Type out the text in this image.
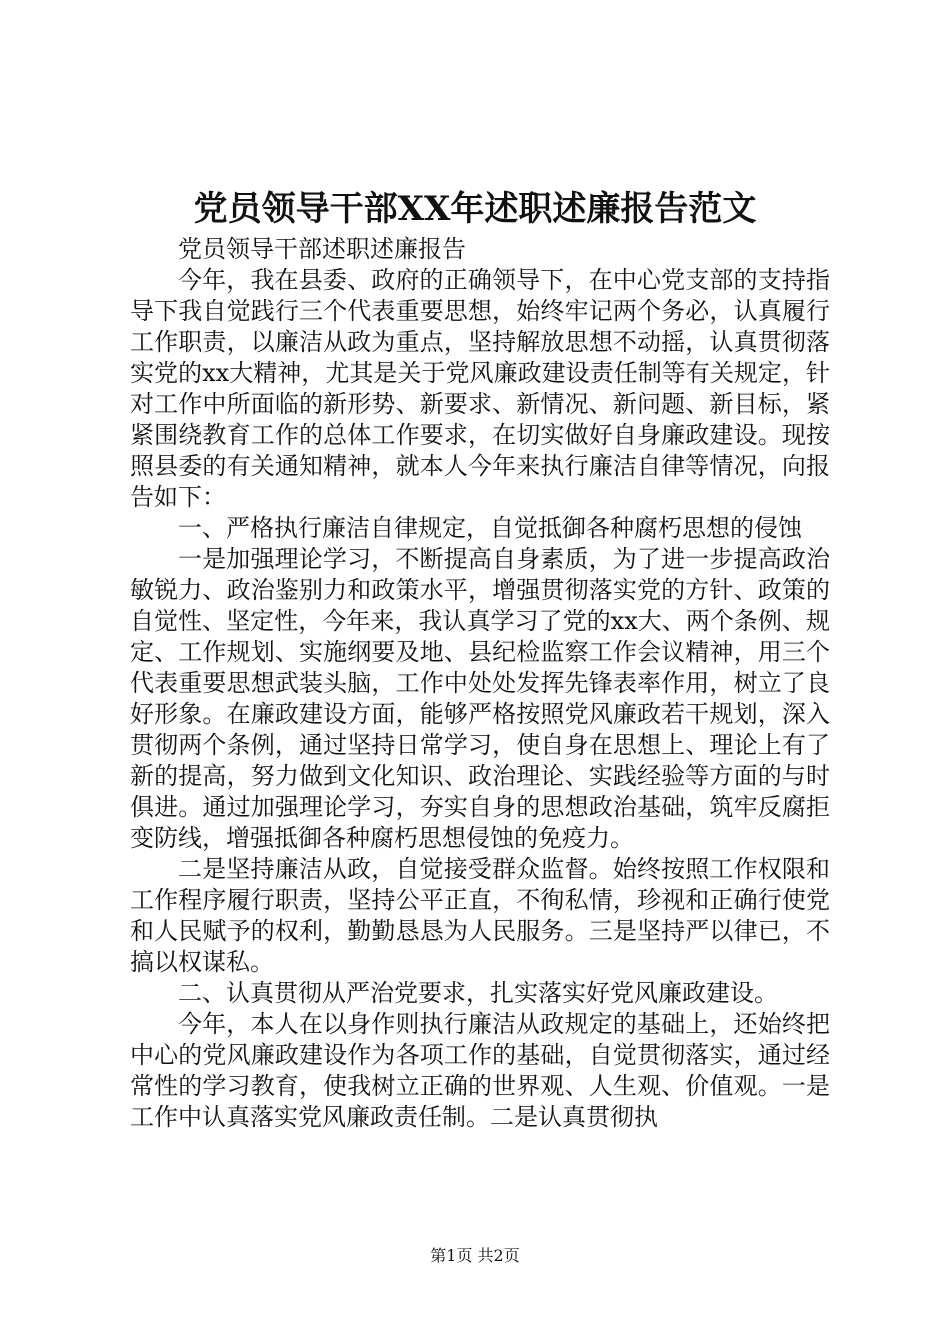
党员领导干部XX年述职述廉报告范文

党员领导干部述职述廉报告

今年，我在县委、政府的正确领导下，在中心党支部的支持指导下我自觉践行三个代表重要思想，始终牢记两个务必，认真履行工作职责，以廉洁从政为重点，坚持解放思想不动摇，认真贯彻落实党的xx大精神，尤其是关于党风廉政建设责任制等有关规定，针对工作中所面临的新形势、新要求、新情况、新问题、新目标，紧紧围绕教育工作的总体工作要求，在切实做好自身廉政建设。现按照县委的有关通知精神，就本人今年来执行廉洁自律等情况，向报告如下：

一、严格执行廉洁自律规定，自觉抵御各种腐朽思想的侵蚀

一是加强理论学习，不断提高自身素质，为了进一步提高政治敏锐力、政治鉴别力和政策水平，增强贯彻落实党的方针、政策的自觉性、坚定性，今年来，我认真学习了党的xx大、两个条例、规定、工作规划、实施纲要及地、县纪检监察工作会议精神，用三个代表重要思想武装头脑，工作中处处发挥先锋表率作用，树立了良好形象。在廉政建设方面，能够严格按照党风廉政若干规划，深入贯彻两个条例，通过坚持日常学习，使自身在思想上、理论上有了新的提高，努力做到文化知识、政治理论、实践经验等方面的与时俱进。通过加强理论学习，夯实自身的思想政治基础，筑牢反腐拒变防线，增强抵御各种腐朽思想侵蚀的免疫力。

二是坚持廉洁从政，自觉接受群众监督。始终按照工作权限和工作程序履行职责，坚持公平正直，不徇私情，珍视和正确行使党和人民赋予的权利，勤勤恳恳为人民服务。三是坚持严以律已，不搞以权谋私。

二、认真贯彻从严治党要求，扎实落实好党风廉政建设。

今年，本人在以身作则执行廉洁从政规定的基础上，还始终把中心的党风廉政建设作为各项工作的基础，自觉贯彻落实，通过经常性的学习教育，使我树立正确的世界观、人生观、价值观。一是工作中认真落实党风廉政责任制。二是认真贯彻执

第1页 共2页
